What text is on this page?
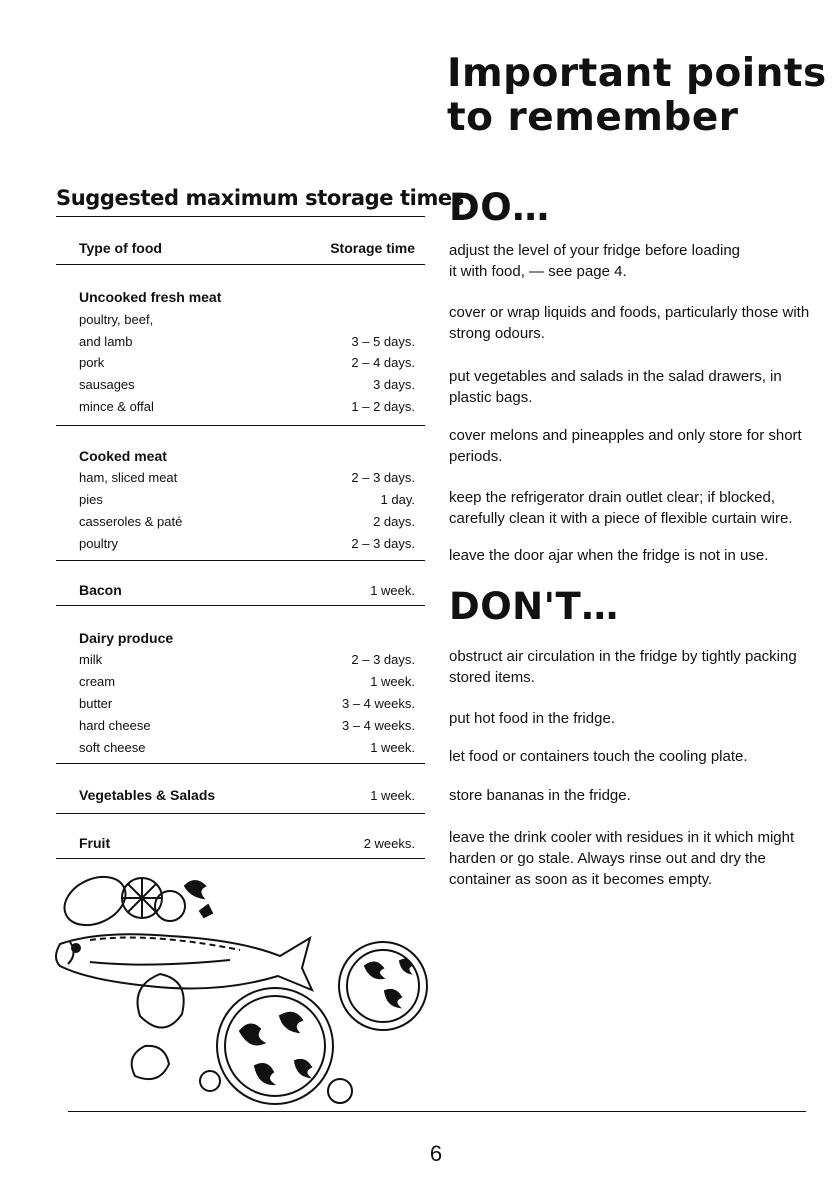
Important points
to remember
Suggested maximum storage times
Type of food	Storage time
Uncooked fresh meat
poultry, beef,
and lamb	3 – 5 days.
pork	2 – 4 days.
sausages	3 days.
mince & offal	1 – 2 days.
Cooked meat
ham, sliced meat	2 – 3 days.
pies	1 day.
casseroles & paté	2 days.
poultry	2 – 3 days.
Bacon	1 week.
Dairy produce
milk	2 – 3 days.
cream	1 week.
butter	3 – 4 weeks.
hard cheese	3 – 4 weeks.
soft cheese	1 week.
Vegetables & Salads	1 week.
Fruit	2 weeks.
DO…
adjust the level of your fridge before loading
it with food, — see page 4.
cover or wrap liquids and foods, particularly those with strong odours.
put vegetables and salads in the salad drawers, in plastic bags.
cover melons and pineapples and only store for short periods.
keep the refrigerator drain outlet clear; if blocked, carefully clean it with a piece of flexible curtain wire.
leave the door ajar when the fridge is not in use.
DON'T…
obstruct air circulation in the fridge by tightly packing stored items.
put hot food in the fridge.
let food or containers touch the cooling plate.
store bananas in the fridge.
leave the drink cooler with residues in it which might harden or go stale. Always rinse out and dry the container as soon as it becomes empty.
6
